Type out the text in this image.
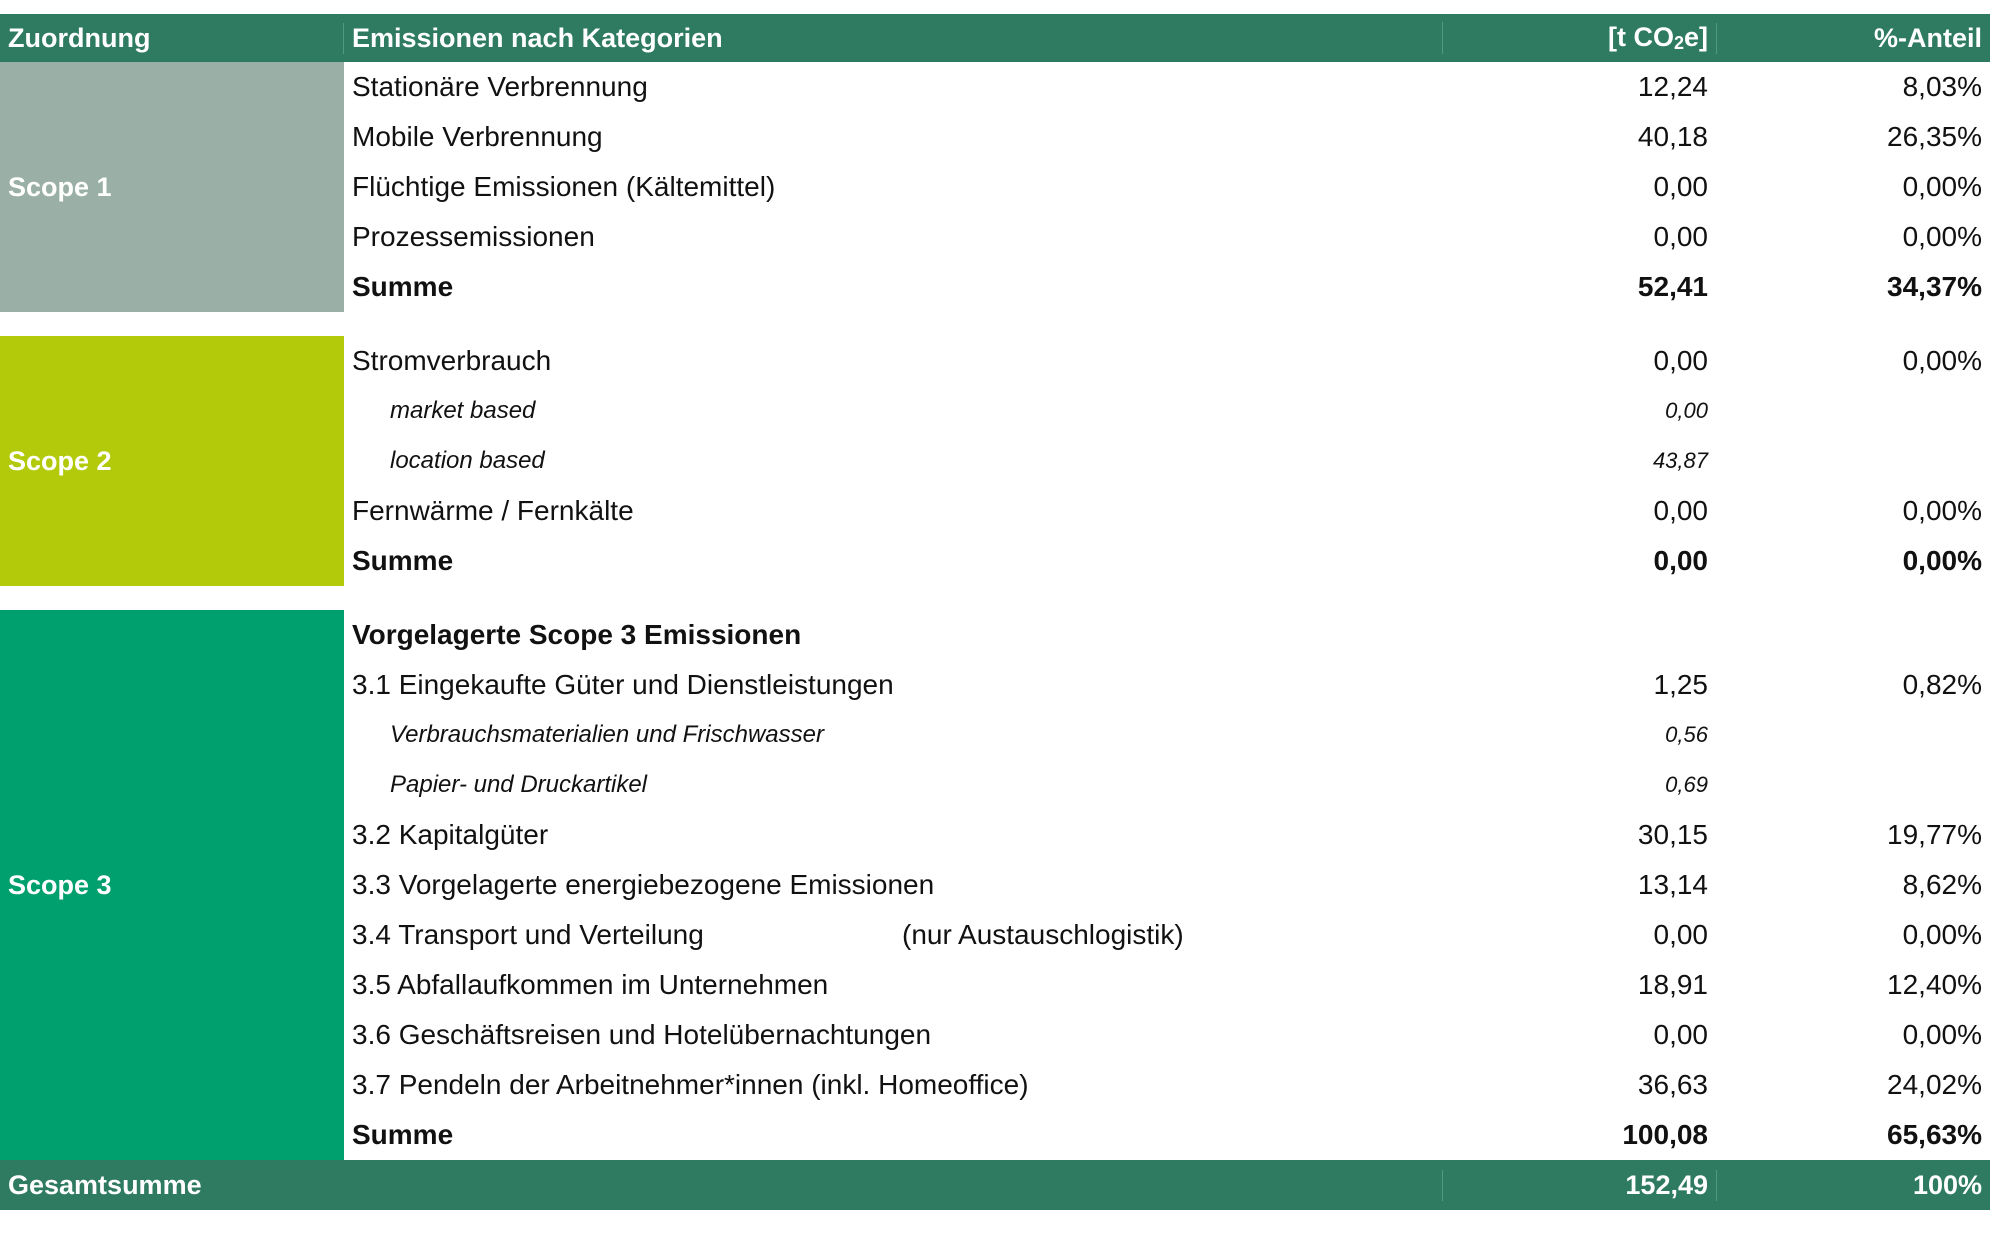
Zuordnung	Emissionen nach Kategorien	[t CO2e]	%-Anteil
Scope 1
Stationäre Verbrennung	12,24	8,03%
Mobile Verbrennung	40,18	26,35%
Flüchtige Emissionen (Kältemittel)	0,00	0,00%
Prozessemissionen	0,00	0,00%
Summe	52,41	34,37%
Scope 2
Stromverbrauch	0,00	0,00%
market based	0,00
location based	43,87
Fernwärme / Fernkälte	0,00	0,00%
Summe	0,00	0,00%
Scope 3
Vorgelagerte Scope 3 Emissionen
3.1 Eingekaufte Güter und Dienstleistungen	1,25	0,82%
Verbrauchsmaterialien und Frischwasser	0,56
Papier- und Druckartikel	0,69
3.2 Kapitalgüter	30,15	19,77%
3.3 Vorgelagerte energiebezogene Emissionen	13,14	8,62%
3.4 Transport und Verteilung	(nur Austauschlogistik)	0,00	0,00%
3.5 Abfallaufkommen im Unternehmen	18,91	12,40%
3.6 Geschäftsreisen und Hotelübernachtungen	0,00	0,00%
3.7 Pendeln der Arbeitnehmer*innen (inkl. Homeoffice)	36,63	24,02%
Summe	100,08	65,63%
Gesamtsumme	152,49	100%
